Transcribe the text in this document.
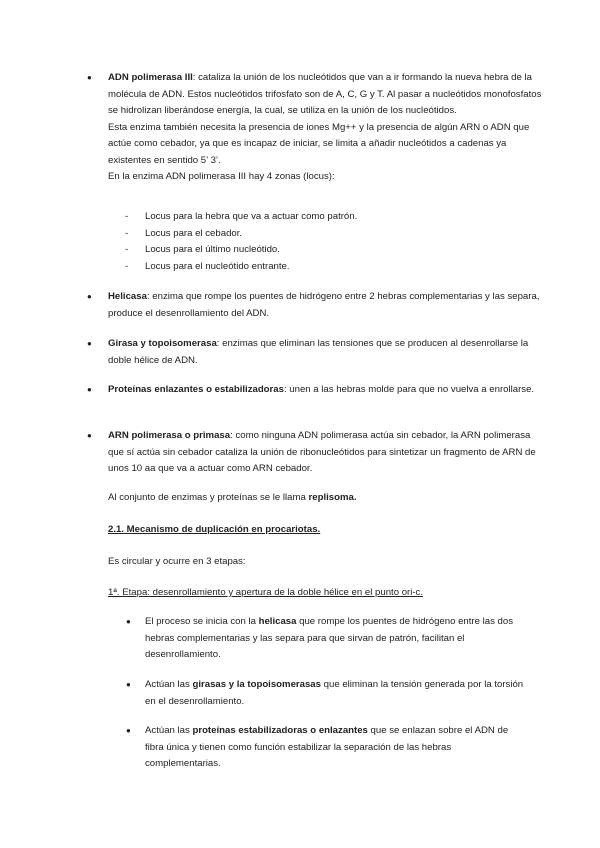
● ADN polimerasa III: cataliza la unión de los nucleótidos que van a ir formando la nueva hebra de la molécula de ADN. Estos nucleótidos trifosfato son de A, C, G y T. Al pasar a nucleótidos monofosfatos se hidrolizan liberándose energía, la cual, se utiliza en la unión de los nucleótidos.

Esta enzima también necesita la presencia de iones Mg++ y la presencia de algún ARN o ADN que actúe como cebador, ya que es incapaz de iniciar, se limita a añadir nucleótidos a cadenas ya existentes en sentido 5’ 3’.

En la enzima ADN polimerasa III hay 4 zonas (locus):

- Locus para la hebra que va a actuar como patrón.
- Locus para el cebador.
- Locus para el último nucleótido.
- Locus para el nucleótido entrante.
● Helicasa: enzima que rompe los puentes de hidrógeno entre 2 hebras complementarias y las separa, produce el desenrollamiento del ADN.

● Girasa y topoisomerasa: enzimas que eliminan las tensiones que se producen al desenrollarse la doble hélice de ADN.

● Proteínas enlazantes o estabilizadoras: unen a las hebras molde para que no vuelva a enrollarse.

● ARN polimerasa o primasa: como ninguna ADN polimerasa actúa sin cebador, la ARN polimerasa que sí actúa sin cebador cataliza la unión de ribonucleótidos para sintetizar un fragmento de ARN de unos 10 aa que va a actuar como ARN cebador.

Al conjunto de enzimas y proteínas se le llama replisoma.
2.1. Mecanismo de duplicación en procariotas.
Es circular y ocurre en 3 etapas:
1ª. Etapa: desenrollamiento y apertura de la doble hélice en el punto ori-c.
● El proceso se inicia con la helicasa que rompe los puentes de hidrógeno entre las dos hebras complementarias y las separa para que sirvan de patrón, facilitan el desenrollamiento.

● Actúan las girasas y la topoisomerasas que eliminan la tensión generada por la torsión en el desenrollamiento.

● Actúan las proteínas estabilizadoras o enlazantes que se enlazan sobre el ADN de fibra única y tienen como función estabilizar la separación de las hebras complementarias.
